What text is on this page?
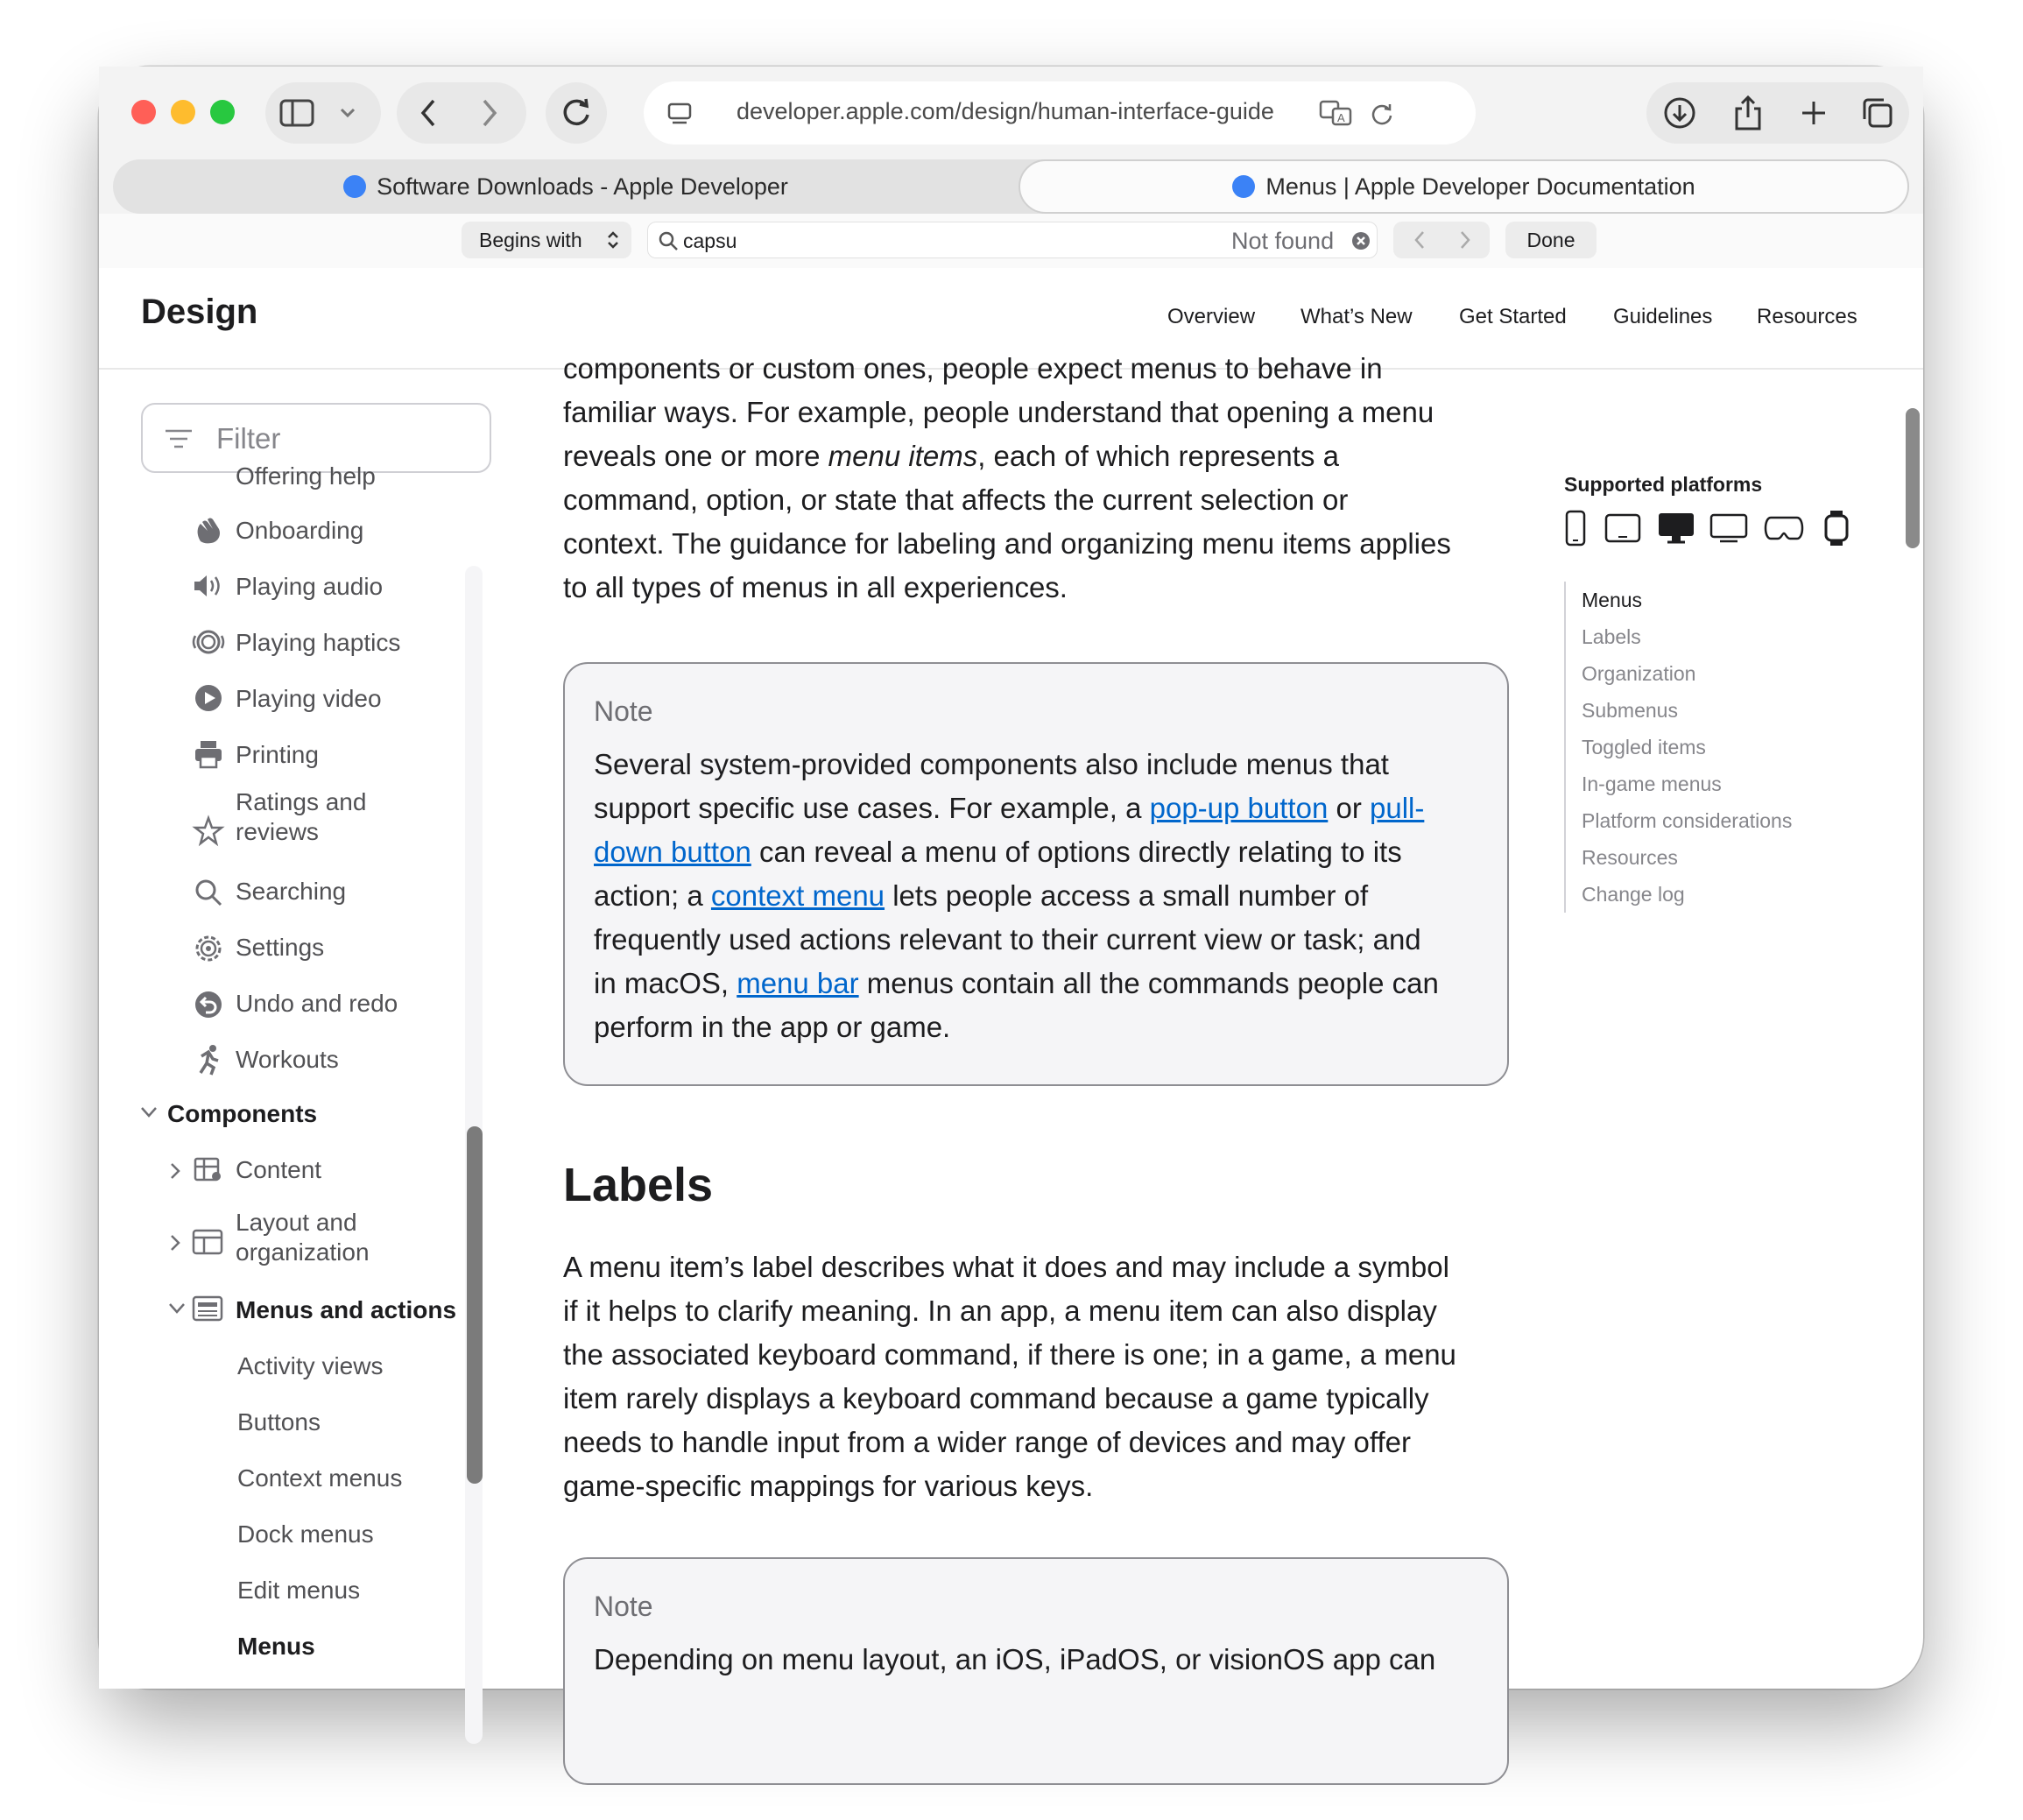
developer.apple.com/design/human-interface-guide	A
Software Downloads - Apple Developer	Menus | Apple Developer Documentation
Begins with	capsu	Not found	Done
Design	Overview What’s New Get Started Guidelines Resources
Filter
Offering help
Onboarding
Playing audio
Playing haptics
Playing video
Printing
Ratings and
reviews
Searching
Settings
Undo and redo
Workouts
Components
Content
Layout and
organization
Menus and actions
Activity views
Buttons
Context menus
Dock menus
Edit menus
Menus
components or custom ones, people expect menus to behave in
familiar ways. For example, people understand that opening a menu
reveals one or more menu items, each of which represents a
command, option, or state that affects the current selection or
context. The guidance for labeling and organizing menu items applies
to all types of menus in all experiences.
Note
Several system-provided components also include menus that
support specific use cases. For example, a pop-up button or pull-
down button can reveal a menu of options directly relating to its
action; a context menu lets people access a small number of
frequently used actions relevant to their current view or task; and
in macOS, menu bar menus contain all the commands people can
perform in the app or game.
Labels
A menu item’s label describes what it does and may include a symbol
if it helps to clarify meaning. In an app, a menu item can also display
the associated keyboard command, if there is one; in a game, a menu
item rarely displays a keyboard command because a game typically
needs to handle input from a wider range of devices and may offer
game-specific mappings for various keys.
Note
Depending on menu layout, an iOS, iPadOS, or visionOS app can
Supported platforms
Menus
Labels
Organization
Submenus
Toggled items
In-game menus
Platform considerations
Resources
Change log
